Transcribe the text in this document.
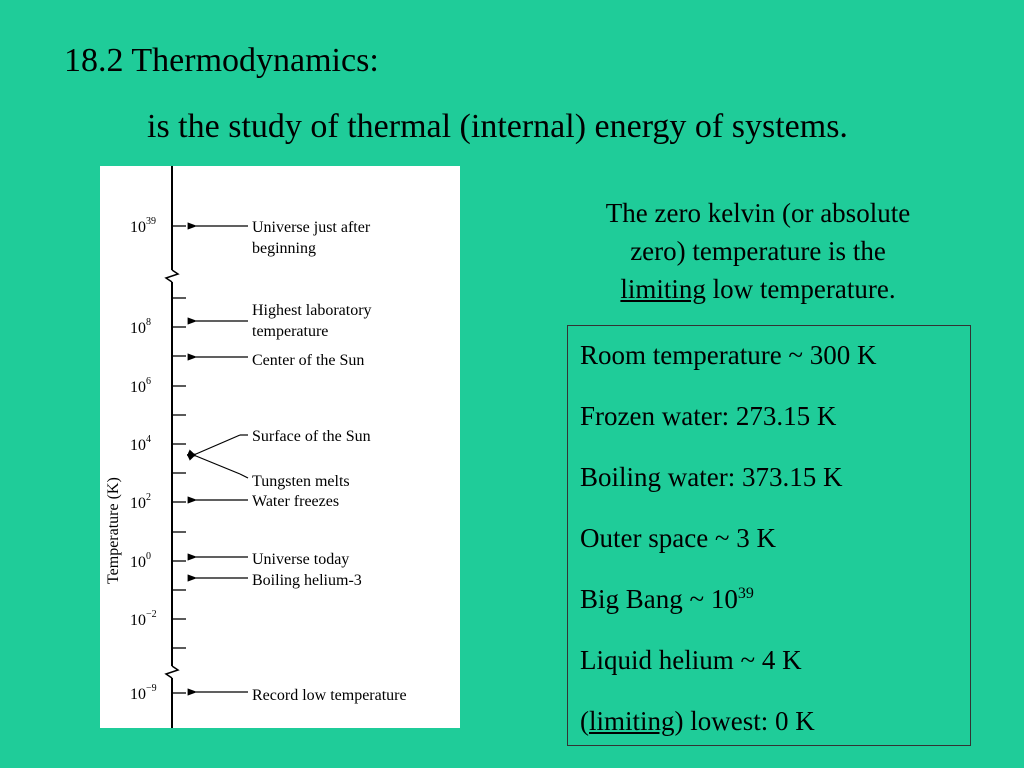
18.2 Thermodynamics:
is the study of thermal (internal) energy of systems.
$10^{39}$
$10^8$
$10^6$
$10^4$
$10^2$
$10^0$
$10^{-2}$
$10^{-9}$
Temperature (K)
Universe just after
beginning
Highest laboratory
temperature
Center of the Sun
Surface of the Sun
Tungsten melts
Water freezes
Universe today
Boiling helium-3
Record low temperature
The zero kelvin (or absolute
zero) temperature is the
limiting low temperature.
Room temperature ~ 300 K
Frozen water: 273.15 K
Boiling water: 373.15 K
Outer space ~ 3 K
Big Bang ~ $10^{39}$
Liquid helium ~ 4 K
(limiting) lowest: 0 K
